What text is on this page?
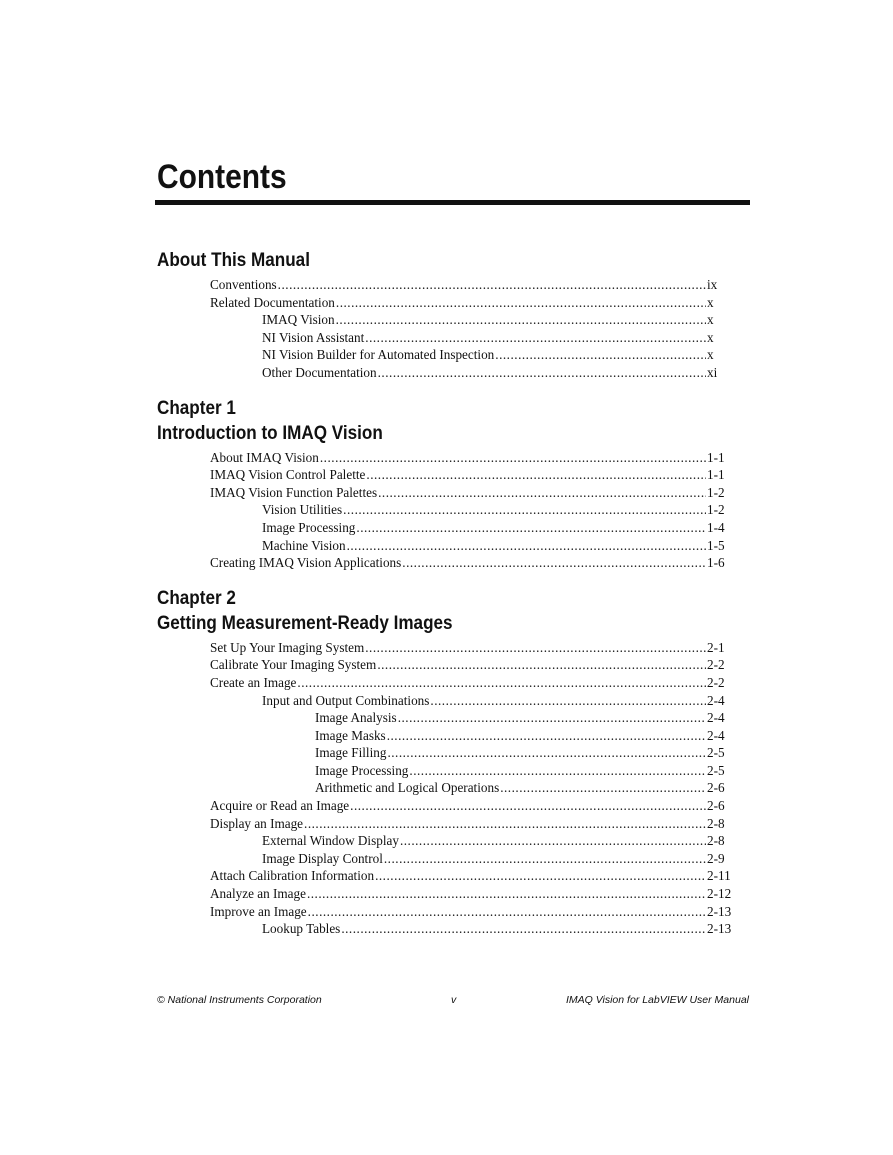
Contents
About This Manual
Conventions .....	ix
Related Documentation .....	x
IMAQ Vision .....	x
NI Vision Assistant .....	x
NI Vision Builder for Automated Inspection .....	x
Other Documentation .....	xi
Chapter 1
Introduction to IMAQ Vision
About IMAQ Vision .....	1-1
IMAQ Vision Control Palette .....	1-1
IMAQ Vision Function Palettes .....	1-2
Vision Utilities .....	1-2
Image Processing .....	1-4
Machine Vision .....	1-5
Creating IMAQ Vision Applications .....	1-6
Chapter 2
Getting Measurement-Ready Images
Set Up Your Imaging System .....	2-1
Calibrate Your Imaging System .....	2-2
Create an Image .....	2-2
Input and Output Combinations .....	2-4
Image Analysis .....	2-4
Image Masks .....	2-4
Image Filling .....	2-5
Image Processing .....	2-5
Arithmetic and Logical Operations .....	2-6
Acquire or Read an Image .....	2-6
Display an Image .....	2-8
External Window Display .....	2-8
Image Display Control .....	2-9
Attach Calibration Information .....	2-11
Analyze an Image .....	2-12
Improve an Image .....	2-13
Lookup Tables .....	2-13
© National Instruments Corporation	v	IMAQ Vision for LabVIEW User Manual
